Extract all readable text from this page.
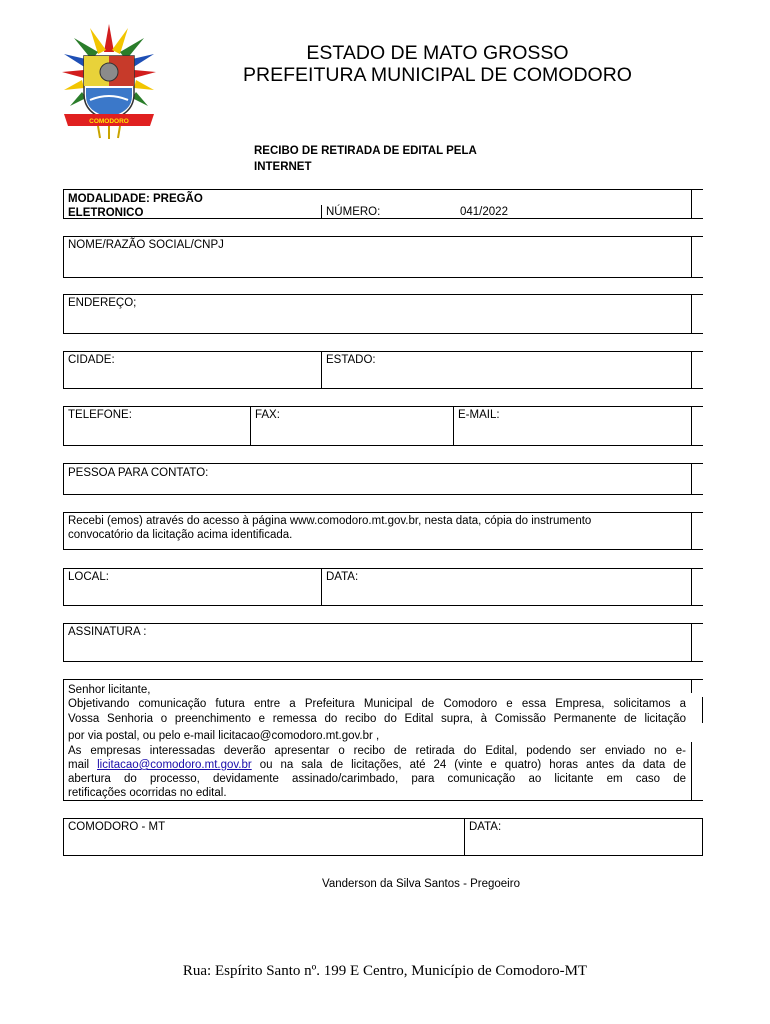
COMODORO
ESTADO DE MATO GROSSO
PREFEITURA MUNICIPAL DE COMODORO
RECIBO DE RETIRADA DE EDITAL PELA
INTERNET
MODALIDADE: PREGÃO
ELETRONICO	NÚMERO:	041/2022
NOME/RAZÃO SOCIAL/CNPJ
ENDEREÇO;
CIDADE:	ESTADO:
TELEFONE:	FAX:	E-MAIL:
PESSOA PARA CONTATO:
Recebi (emos) através do acesso à página www.comodoro.mt.gov.br, nesta data, cópia do instrumento
convocatório da licitação acima identificada.
LOCAL:	DATA:
ASSINATURA :
Senhor licitante,
Objetivando comunicação futura entre a Prefeitura Municipal de Comodoro e essa Empresa, solicitamos a
Vossa Senhoria o preenchimento e remessa do recibo do Edital supra, à Comissão Permanente de licitação
por via postal, ou pelo e-mail licitacao@comodoro.mt.gov.br ,
As empresas interessadas deverão apresentar o recibo de retirada do Edital, podendo ser enviado no e-
mail licitacao@comodoro.mt.gov.br ou na sala de licitações, até 24 (vinte e quatro) horas antes da data de
abertura do processo, devidamente assinado/carimbado, para comunicação ao licitante em caso de
retificações ocorridas no edital.
COMODORO - MT	DATA:
Vanderson da Silva Santos - Pregoeiro
Rua: Espírito Santo nº. 199 E Centro, Município de Comodoro-MT
